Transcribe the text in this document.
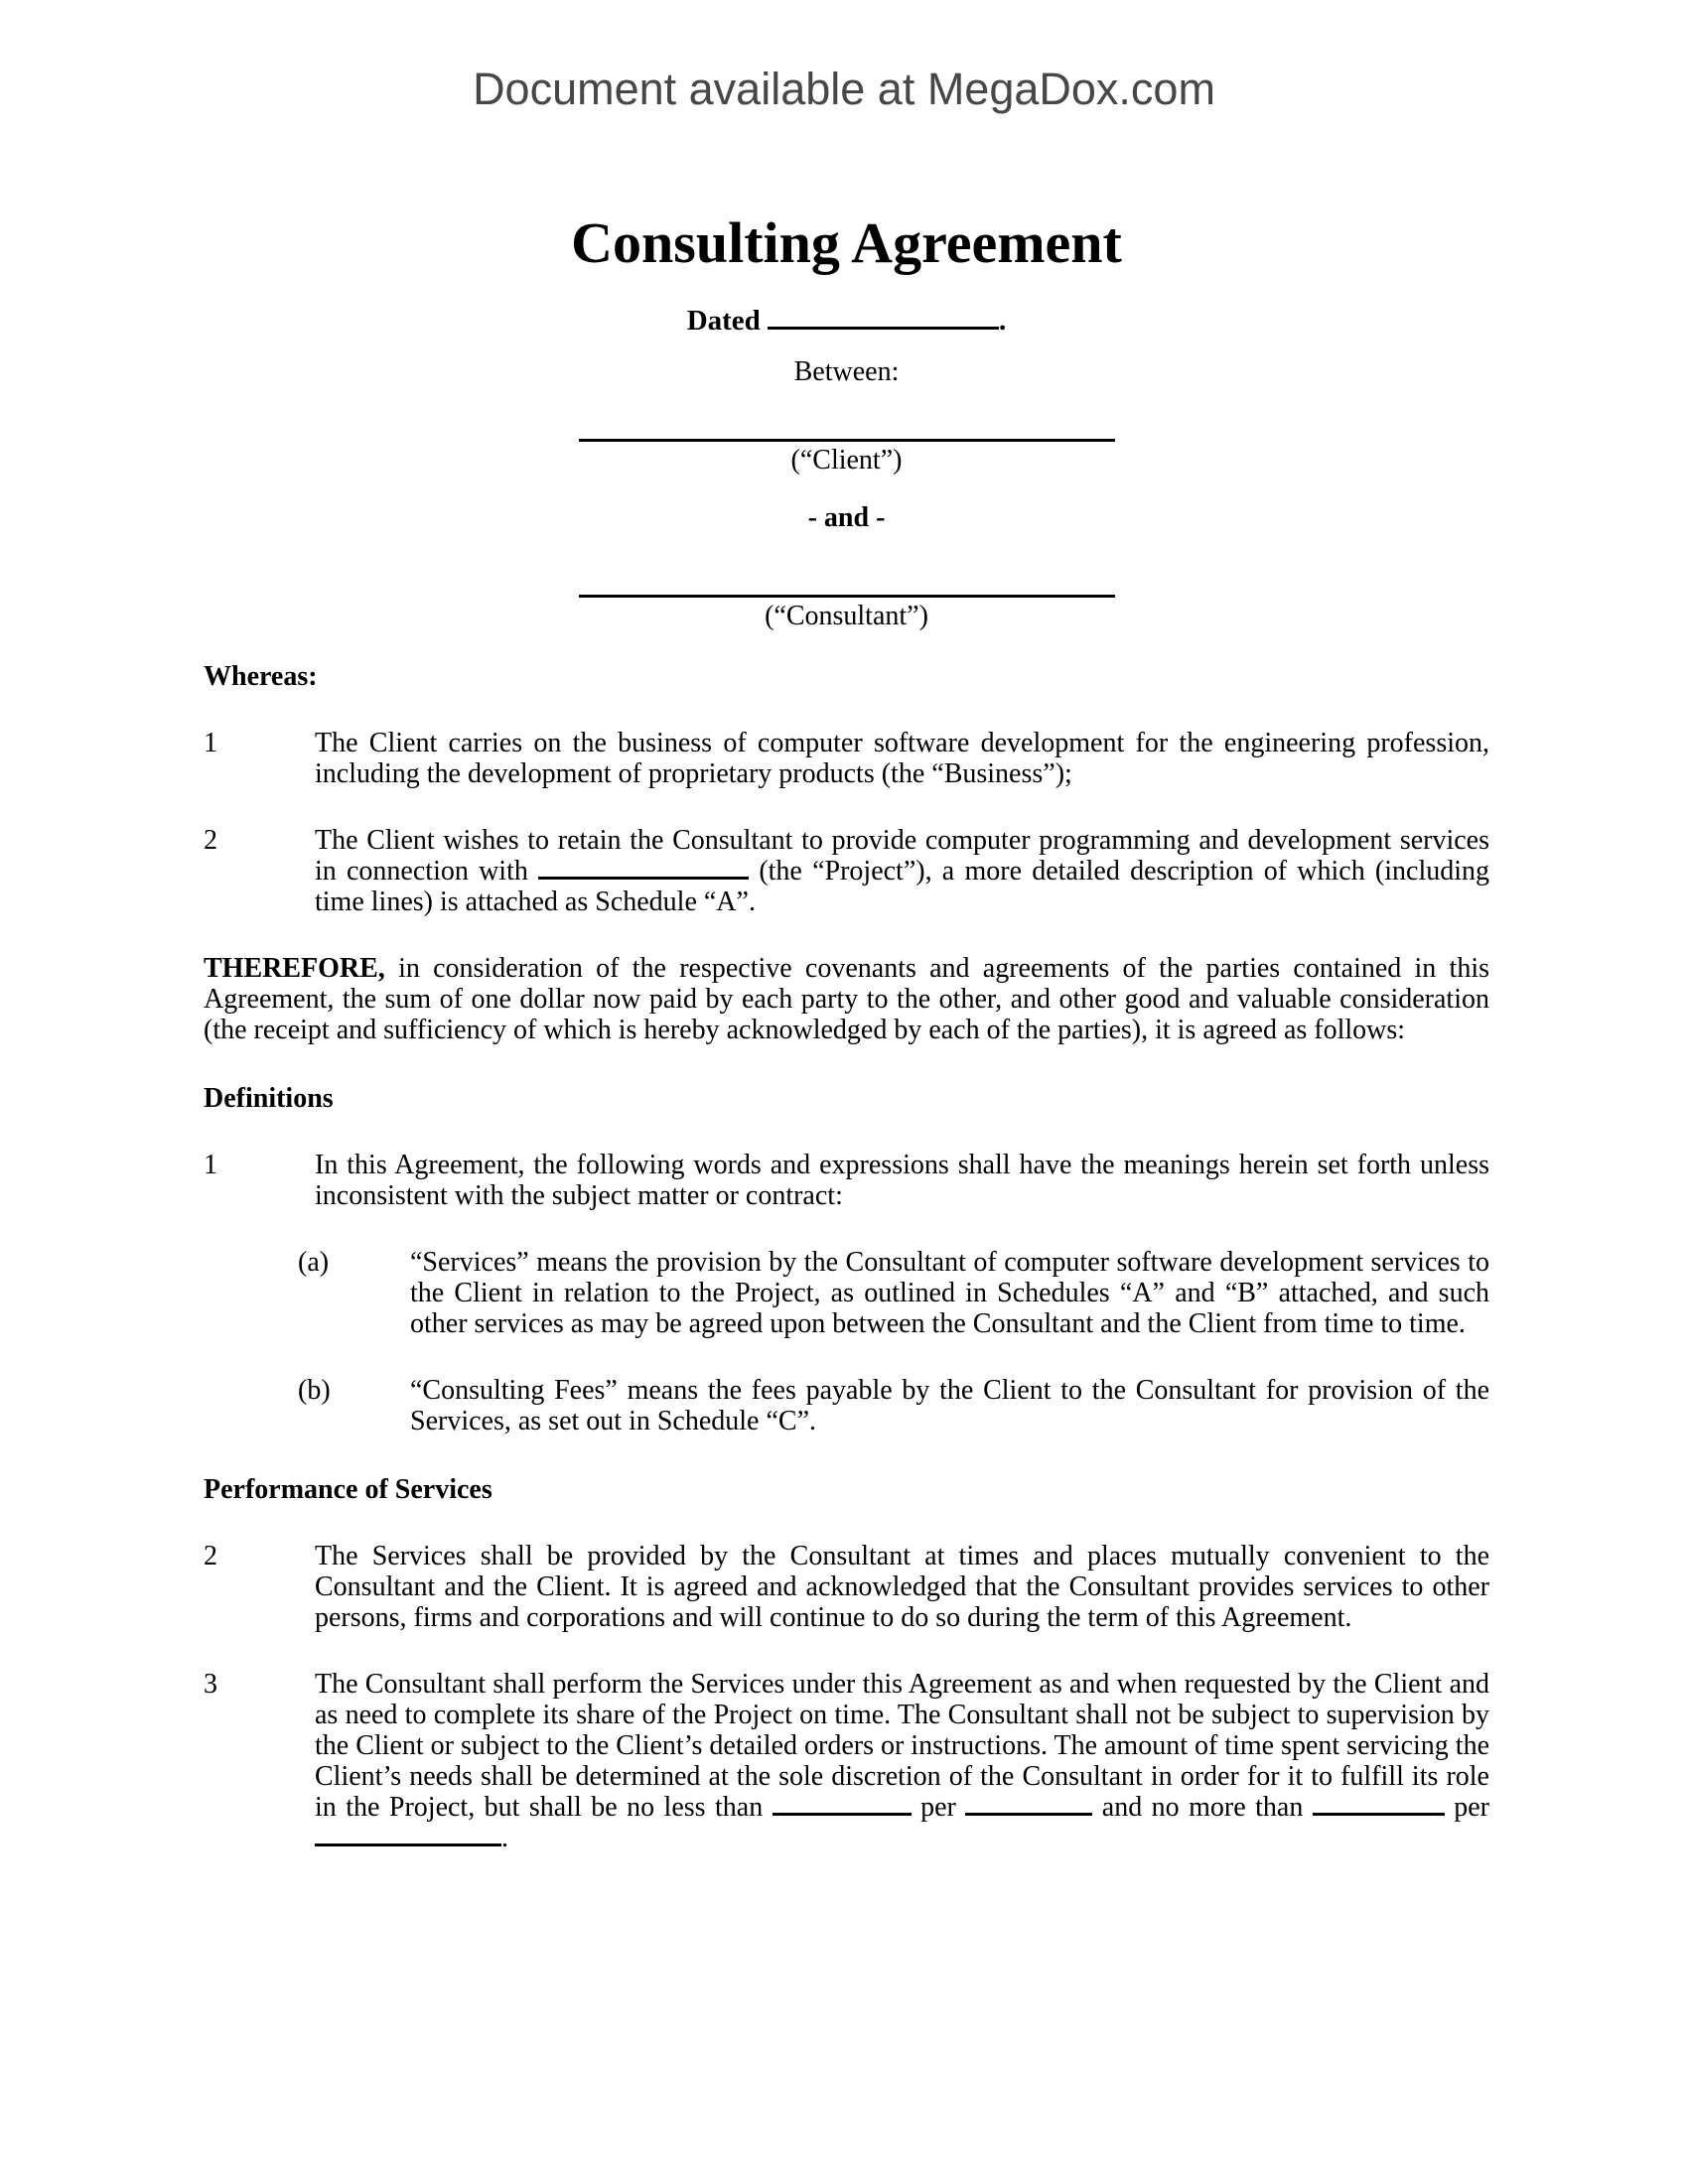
Document available at MegaDox.com
Consulting Agreement
Dated	.
Between:
(“Client”)
- and -
(“Consultant”)
Whereas:
1	The Client carries on the business of computer software development for the engineering profession, including the development of proprietary products (the “Business”);
2	The Client wishes to retain the Consultant to provide computer programming and development services in connection with	(the “Project”), a more detailed description of which (including time lines) is attached as Schedule “A”.
THEREFORE, in consideration of the respective covenants and agreements of the parties contained in this Agreement, the sum of one dollar now paid by each party to the other, and other good and valuable consideration (the receipt and sufficiency of which is hereby acknowledged by each of the parties), it is agreed as follows:
Definitions
1	In this Agreement, the following words and expressions shall have the meanings herein set forth unless inconsistent with the subject matter or contract:
(a)	“Services” means the provision by the Consultant of computer software development services to the Client in relation to the Project, as outlined in Schedules “A” and “B” attached, and such other services as may be agreed upon between the Consultant and the Client from time to time.
(b)	“Consulting Fees” means the fees payable by the Client to the Consultant for provision of the Services, as set out in Schedule “C”.
Performance of Services
2	The Services shall be provided by the Consultant at times and places mutually convenient to the Consultant and the Client. It is agreed and acknowledged that the Consultant provides services to other persons, firms and corporations and will continue to do so during the term of this Agreement.
3	The Consultant shall perform the Services under this Agreement as and when requested by the Client and as need to complete its share of the Project on time. The Consultant shall not be subject to supervision by the Client or subject to the Client’s detailed orders or instructions. The amount of time spent servicing the Client’s needs shall be determined at the sole discretion of the Consultant in order for it to fulfill its role in the Project, but shall be no less than	per	and no more than	per .
